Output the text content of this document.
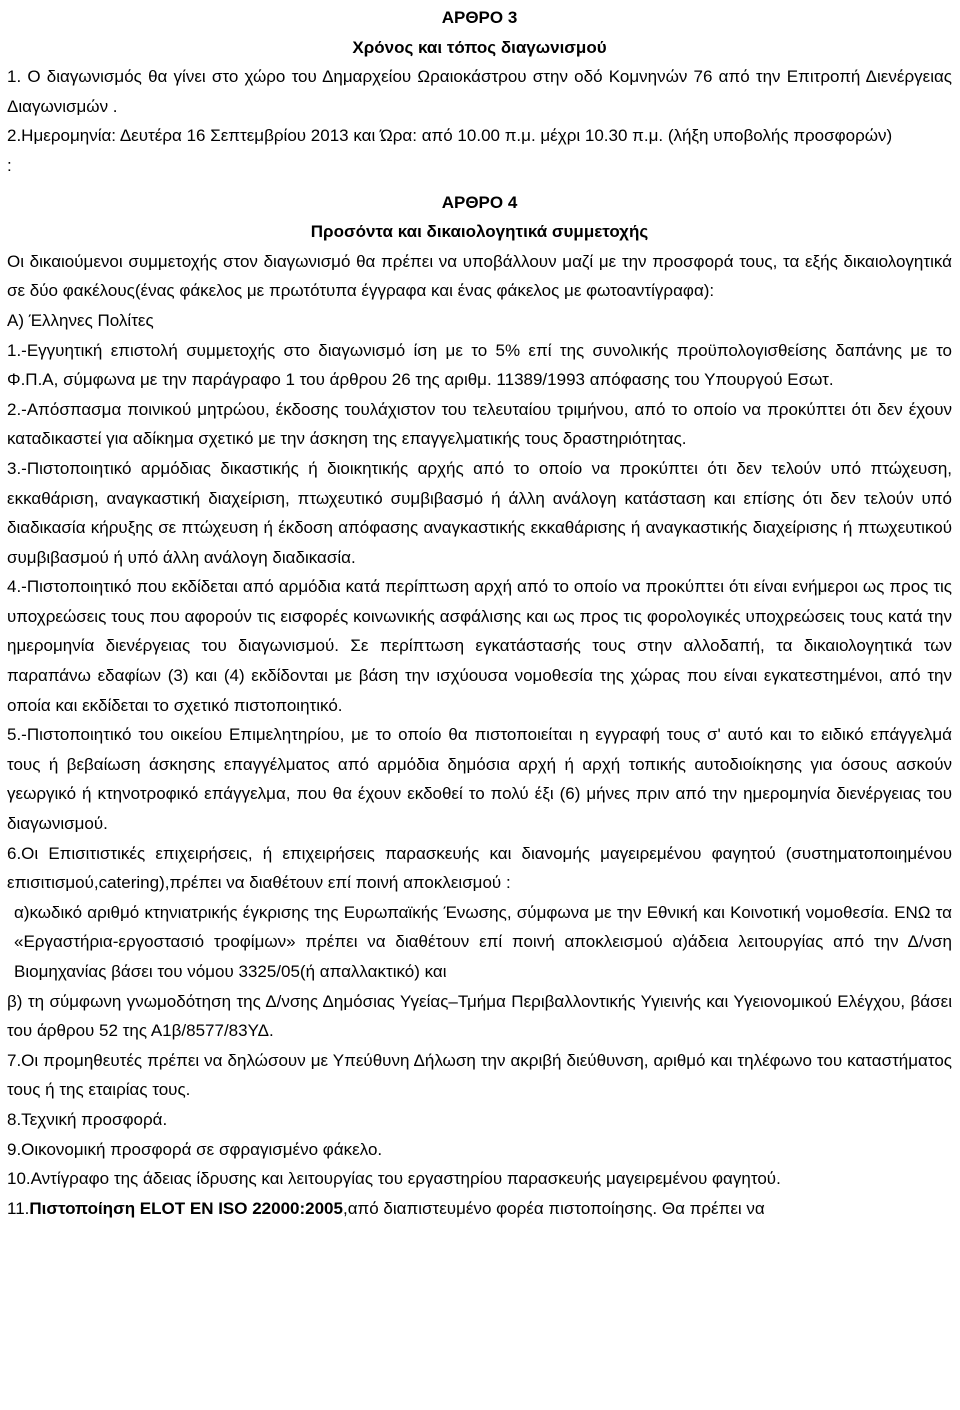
ΑΡΘΡΟ 3

Χρόνος και τόπος διαγωνισμού

1. Ο διαγωνισμός θα γίνει στο χώρο του Δημαρχείου Ωραιοκάστρου στην οδό Κομνηνών 76 από την Επιτροπή Διενέργειας Διαγωνισμών .

2.Ημερομηνία: Δευτέρα 16 Σεπτεμβρίου 2013 και Ώρα: από 10.00 π.μ. μέχρι 10.30 π.μ. (λήξη υποβολής προσφορών)

:

ΑΡΘΡΟ 4

Προσόντα και δικαιολογητικά συμμετοχής

Οι δικαιούμενοι συμμετοχής στον διαγωνισμό θα πρέπει να υποβάλλουν μαζί με την προσφορά τους, τα εξής δικαιολογητικά σε δύο φακέλους(ένας φάκελος με πρωτότυπα έγγραφα και ένας φάκελος με φωτοαντίγραφα):

Α) Έλληνες Πολίτες

1.-Εγγυητική επιστολή συμμετοχής στο διαγωνισμό ίση με το 5% επί της συνολικής προϋπολογισθείσης δαπάνης με το Φ.Π.Α, σύμφωνα με την παράγραφο 1 του άρθρου 26 της αριθμ. 11389/1993 απόφασης του Υπουργού Εσωτ.

2.-Απόσπασμα ποινικού μητρώου, έκδοσης τουλάχιστον του τελευταίου τριμήνου, από το οποίο να προκύπτει ότι δεν έχουν καταδικαστεί για αδίκημα σχετικό με την άσκηση της επαγγελματικής τους δραστηριότητας.

3.-Πιστοποιητικό αρμόδιας δικαστικής ή διοικητικής αρχής από το οποίο να προκύπτει ότι δεν τελούν υπό πτώχευση, εκκαθάριση, αναγκαστική διαχείριση, πτωχευτικό συμβιβασμό ή άλλη ανάλογη κατάσταση και επίσης ότι δεν τελούν υπό διαδικασία κήρυξης σε πτώχευση ή έκδοση απόφασης αναγκαστικής εκκαθάρισης ή αναγκαστικής διαχείρισης ή πτωχευτικού συμβιβασμού ή υπό άλλη ανάλογη διαδικασία.

4.-Πιστοποιητικό που εκδίδεται από αρμόδια κατά περίπτωση αρχή από το οποίο να προκύπτει ότι είναι ενήμεροι ως προς τις υποχρεώσεις τους που αφορούν τις εισφορές κοινωνικής ασφάλισης και ως προς τις φορολογικές υποχρεώσεις τους κατά την ημερομηνία διενέργειας του διαγωνισμού. Σε περίπτωση εγκατάστασής τους στην αλλοδαπή, τα δικαιολογητικά των παραπάνω εδαφίων (3) και (4) εκδίδονται με βάση την ισχύουσα νομοθεσία της χώρας που είναι εγκατεστημένοι, από την οποία και εκδίδεται το σχετικό πιστοποιητικό.

5.-Πιστοποιητικό του οικείου Επιμελητηρίου, με το οποίο θα πιστοποιείται η εγγραφή τους σ' αυτό και το ειδικό επάγγελμά τους ή βεβαίωση άσκησης επαγγέλματος από αρμόδια δημόσια αρχή ή αρχή τοπικής αυτοδιοίκησης για όσους ασκούν γεωργικό ή κτηνοτροφικό επάγγελμα, που θα έχουν εκδοθεί το πολύ έξι (6) μήνες πριν από την ημερομηνία διενέργειας του διαγωνισμού.

6.Οι Επισιτιστικές επιχειρήσεις, ή επιχειρήσεις παρασκευής και διανομής μαγειρεμένου φαγητού (συστηματοποιημένου επισιτισμού,catering),πρέπει να διαθέτουν επί ποινή αποκλεισμού :

α)κωδικό αριθμό κτηνιατρικής έγκρισης της Ευρωπαϊκής Ένωσης, σύμφωνα με την Εθνική και Κοινοτική νομοθεσία. ΕΝΩ τα «Εργαστήρια-εργοστασιό τροφίμων» πρέπει να διαθέτουν επί ποινή αποκλεισμού α)άδεια λειτουργίας από την Δ/νση Βιομηχανίας βάσει του νόμου 3325/05(ή απαλλακτικό) και

β) τη σύμφωνη γνωμοδότηση της Δ/νσης Δημόσιας Υγείας–Τμήμα Περιβαλλοντικής Υγιεινής και Υγειονομικού Ελέγχου, βάσει του άρθρου 52 της Α1β/8577/83ΥΔ.

7.Οι προμηθευτές πρέπει να δηλώσουν με Υπεύθυνη Δήλωση την ακριβή διεύθυνση, αριθμό και τηλέφωνο του καταστήματος τους ή της εταιρίας τους.

8.Τεχνική προσφορά.

9.Οικονομική προσφορά σε σφραγισμένο φάκελο.

10.Αντίγραφο της άδειας ίδρυσης και λειτουργίας του εργαστηρίου παρασκευής μαγειρεμένου φαγητού.

11.Πιστοποίηση ELOT EN ISO 22000:2005,από διαπιστευμένο φορέα πιστοποίησης. Θα πρέπει να
